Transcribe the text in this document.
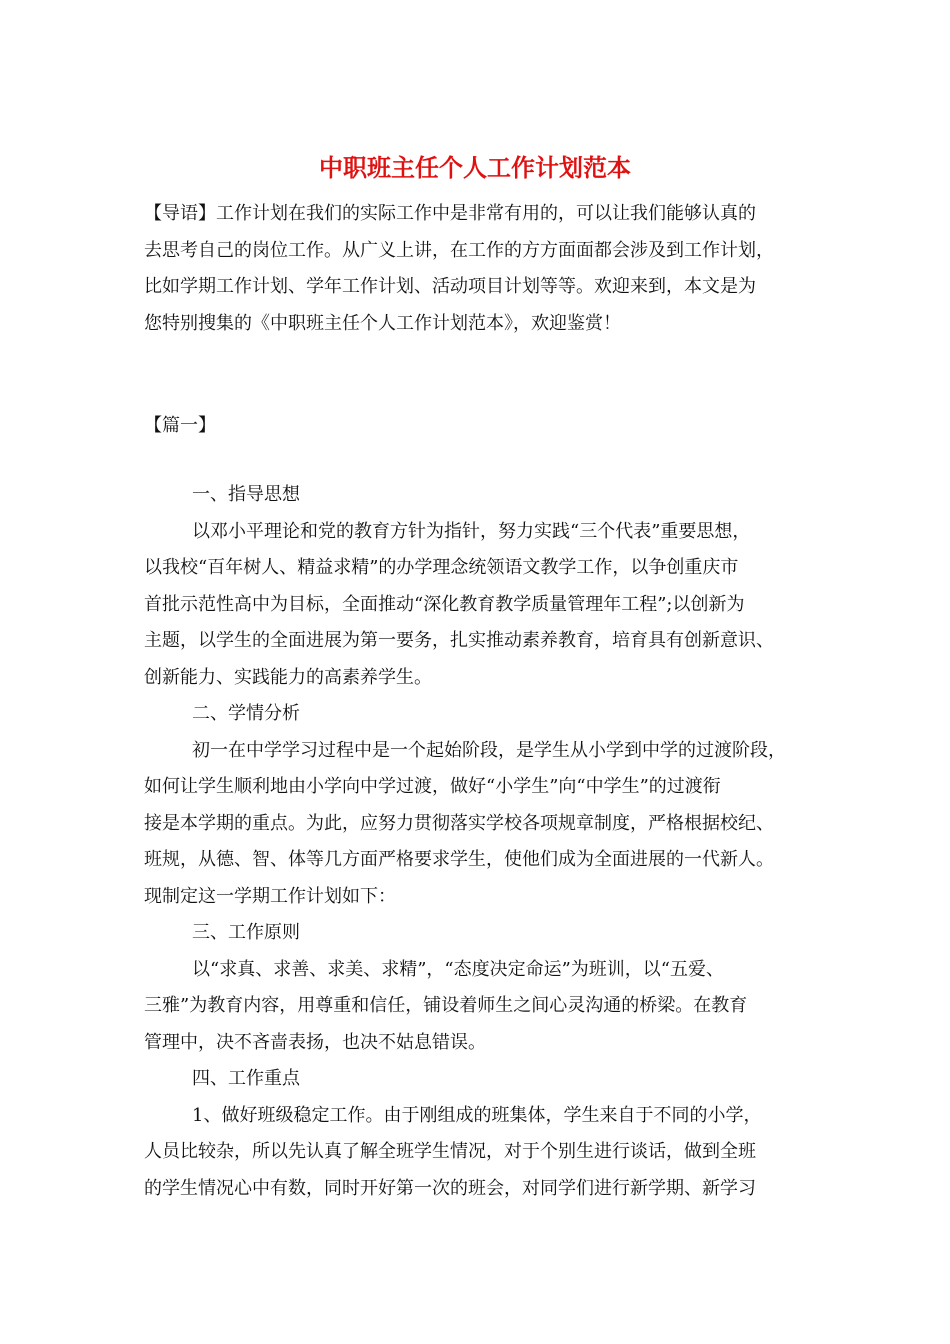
中职班主任个人工作计划范本
【导语】工作计划在我们的实际工作中是非常有用的，可以让我们能够认真的
去思考自己的岗位工作。从广义上讲，在工作的方方面面都会涉及到工作计划，
比如学期工作计划、学年工作计划、活动项目计划等等。欢迎来到，本文是为
您特别搜集的《中职班主任个人工作计划范本》，欢迎鉴赏！
【篇一】
一、指导思想
以邓小平理论和党的教育方针为指针，努力实践“三个代表”重要思想，
以我校“百年树人、精益求精”的办学理念统领语文教学工作，以争创重庆市
首批示范性高中为目标，全面推动“深化教育教学质量管理年工程”;以创新为
主题，以学生的全面进展为第一要务，扎实推动素养教育，培育具有创新意识、
创新能力、实践能力的高素养学生。
二、学情分析
初一在中学学习过程中是一个起始阶段，是学生从小学到中学的过渡阶段，
如何让学生顺利地由小学向中学过渡，做好“小学生”向“中学生”的过渡衔
接是本学期的重点。为此，应努力贯彻落实学校各项规章制度，严格根据校纪、
班规，从德、智、体等几方面严格要求学生，使他们成为全面进展的一代新人。
现制定这一学期工作计划如下：
三、工作原则
以“求真、求善、求美、求精”，“态度决定命运”为班训，以“五爱、
三雅”为教育内容，用尊重和信任，铺设着师生之间心灵沟通的桥梁。在教育
管理中，决不吝啬表扬，也决不姑息错误。
四、工作重点
1、做好班级稳定工作。由于刚组成的班集体，学生来自于不同的小学，
人员比较杂，所以先认真了解全班学生情况，对于个别生进行谈话，做到全班
的学生情况心中有数，同时开好第一次的班会，对同学们进行新学期、新学习
